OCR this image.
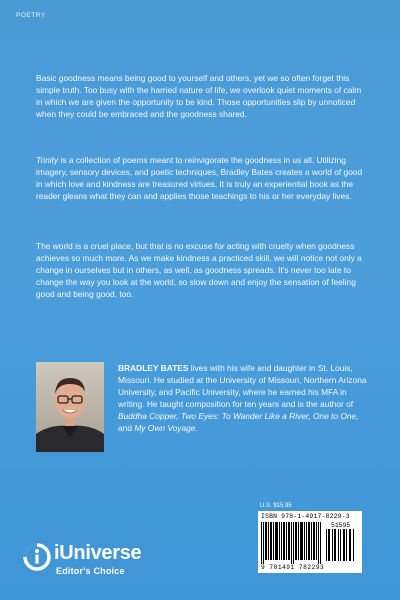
POETRY

Basic goodness means being good to yourself and others, yet we so often forget this simple truth. Too busy with the harried nature of life, we overlook quiet moments of calm in which we are given the opportunity to be kind. Those opportunities slip by unnoticed when they could be embraced and the goodness shared.

Trinity is a collection of poems meant to reinvigorate the goodness in us all. Utilizing imagery, sensory devices, and poetic techniques, Bradley Bates creates a world of good in which love and kindness are treasured virtues. It is truly an experiential book as the reader gleans what they can and applies those teachings to his or her everyday lives.

The world is a cruel place, but that is no excuse for acting with cruelty when goodness achieves so much more. As we make kindness a practiced skill, we will notice not only a change in ourselves but in others, as well, as goodness spreads. It's never too late to change the way you look at the world, so slow down and enjoy the sensation of feeling good and being good, too.

BRADLEY BATES lives with his wife and daughter in St. Louis, Missouri. He studied at the University of Missouri, Northern Arizona University, and Pacific University, where he earned his MFA in writing. He taught composition for ten years and is the author of Buddha Copper, Two Eyes: To Wander Like a River, One to One, and My Own Voyage.

U.S. $15.95
ISBN 978-1-4917-8229-3
51595
9 781491 782293
iUniverse
Editor's Choice
